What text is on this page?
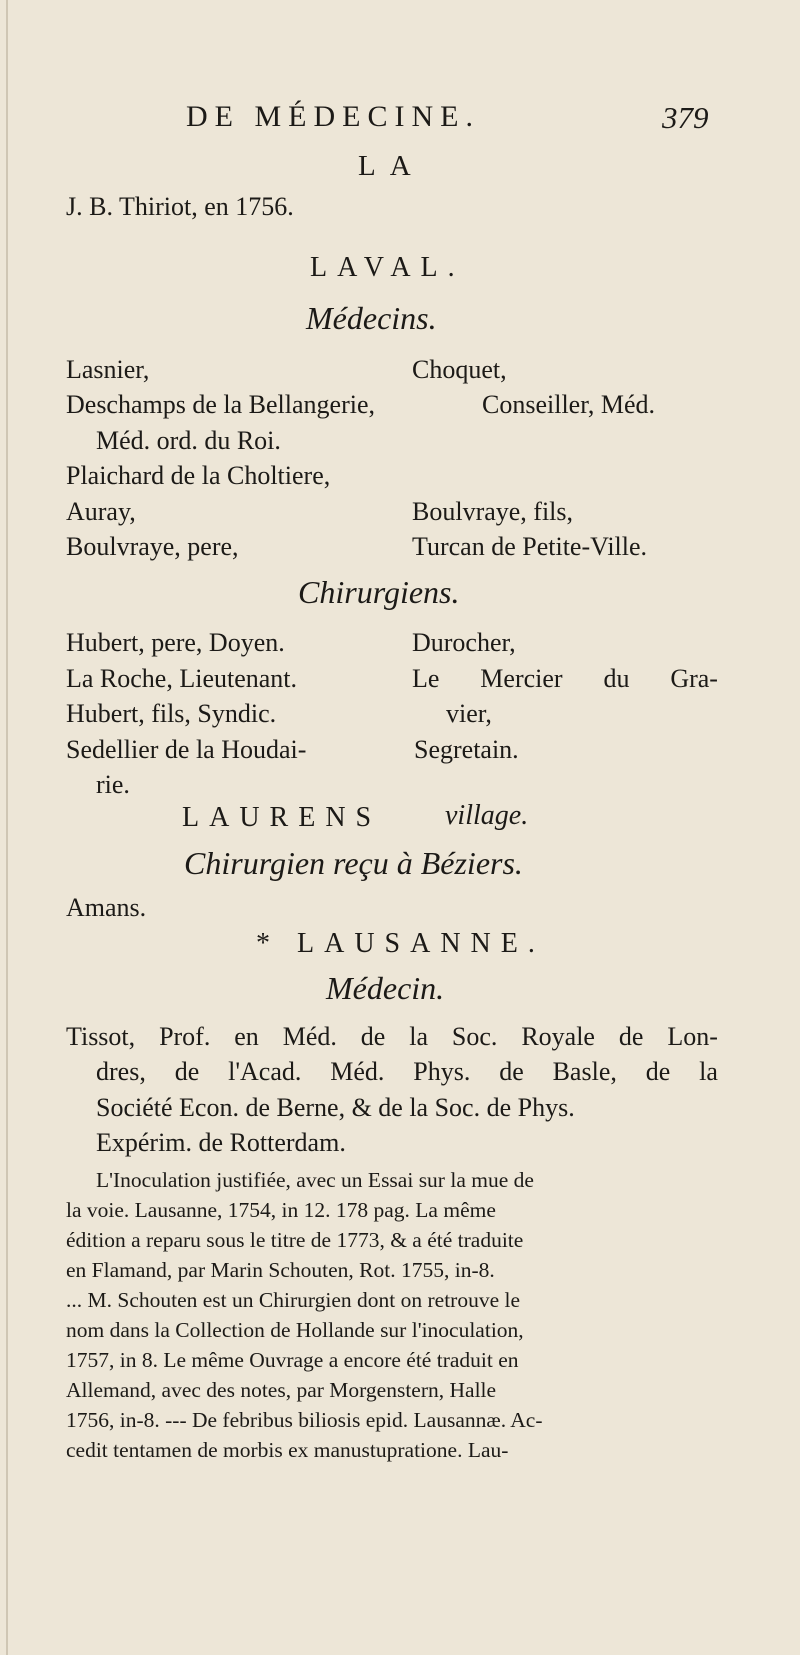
DE MÉDECINE.	379

LA

J. B. Thiriot, en 1756.

LAVAL.

Médecins.

Lasnier,	Choquet,

Deschamps de la Bellangerie,	Conseiller, Méd.

Méd. ord. du Roi.

Plaichard de la Choltiere,

Auray,	Boulvraye, fils,

Boulvraye, pere,	Turcan de Petite-Ville.

Chirurgiens.

Hubert, pere, Doyen.	Durocher,

La Roche, Lieutenant.	Le Mercier du Gra-

Hubert, fils, Syndic.	vier,

Sedellier de la Houdai-	Segretain.

rie.

LAURENS village.

Chirurgien reçu à Béziers.

Amans.

* LAUSANNE.

Médecin.

Tissot, Prof. en Méd. de la Soc. Royale de Lon-
dres, de l'Acad. Méd. Phys. de Basle, de la

Société Econ. de Berne, & de la Soc. de Phys.

Expérim. de Rotterdam.

L'Inoculation justifiée, avec un Essai sur la mue de

la voie. Lausanne, 1754, in 12. 178 pag. La même

édition a reparu sous le titre de 1773, & a été traduite

en Flamand, par Marin Schouten, Rot. 1755, in-8.

... M. Schouten est un Chirurgien dont on retrouve le

nom dans la Collection de Hollande sur l'inoculation,

1757, in 8. Le même Ouvrage a encore été traduit en

Allemand, avec des notes, par Morgenstern, Halle

1756, in-8. --- De febribus biliosis epid. Lausannæ. Ac-

cedit tentamen de morbis ex manustupratione. Lau-
